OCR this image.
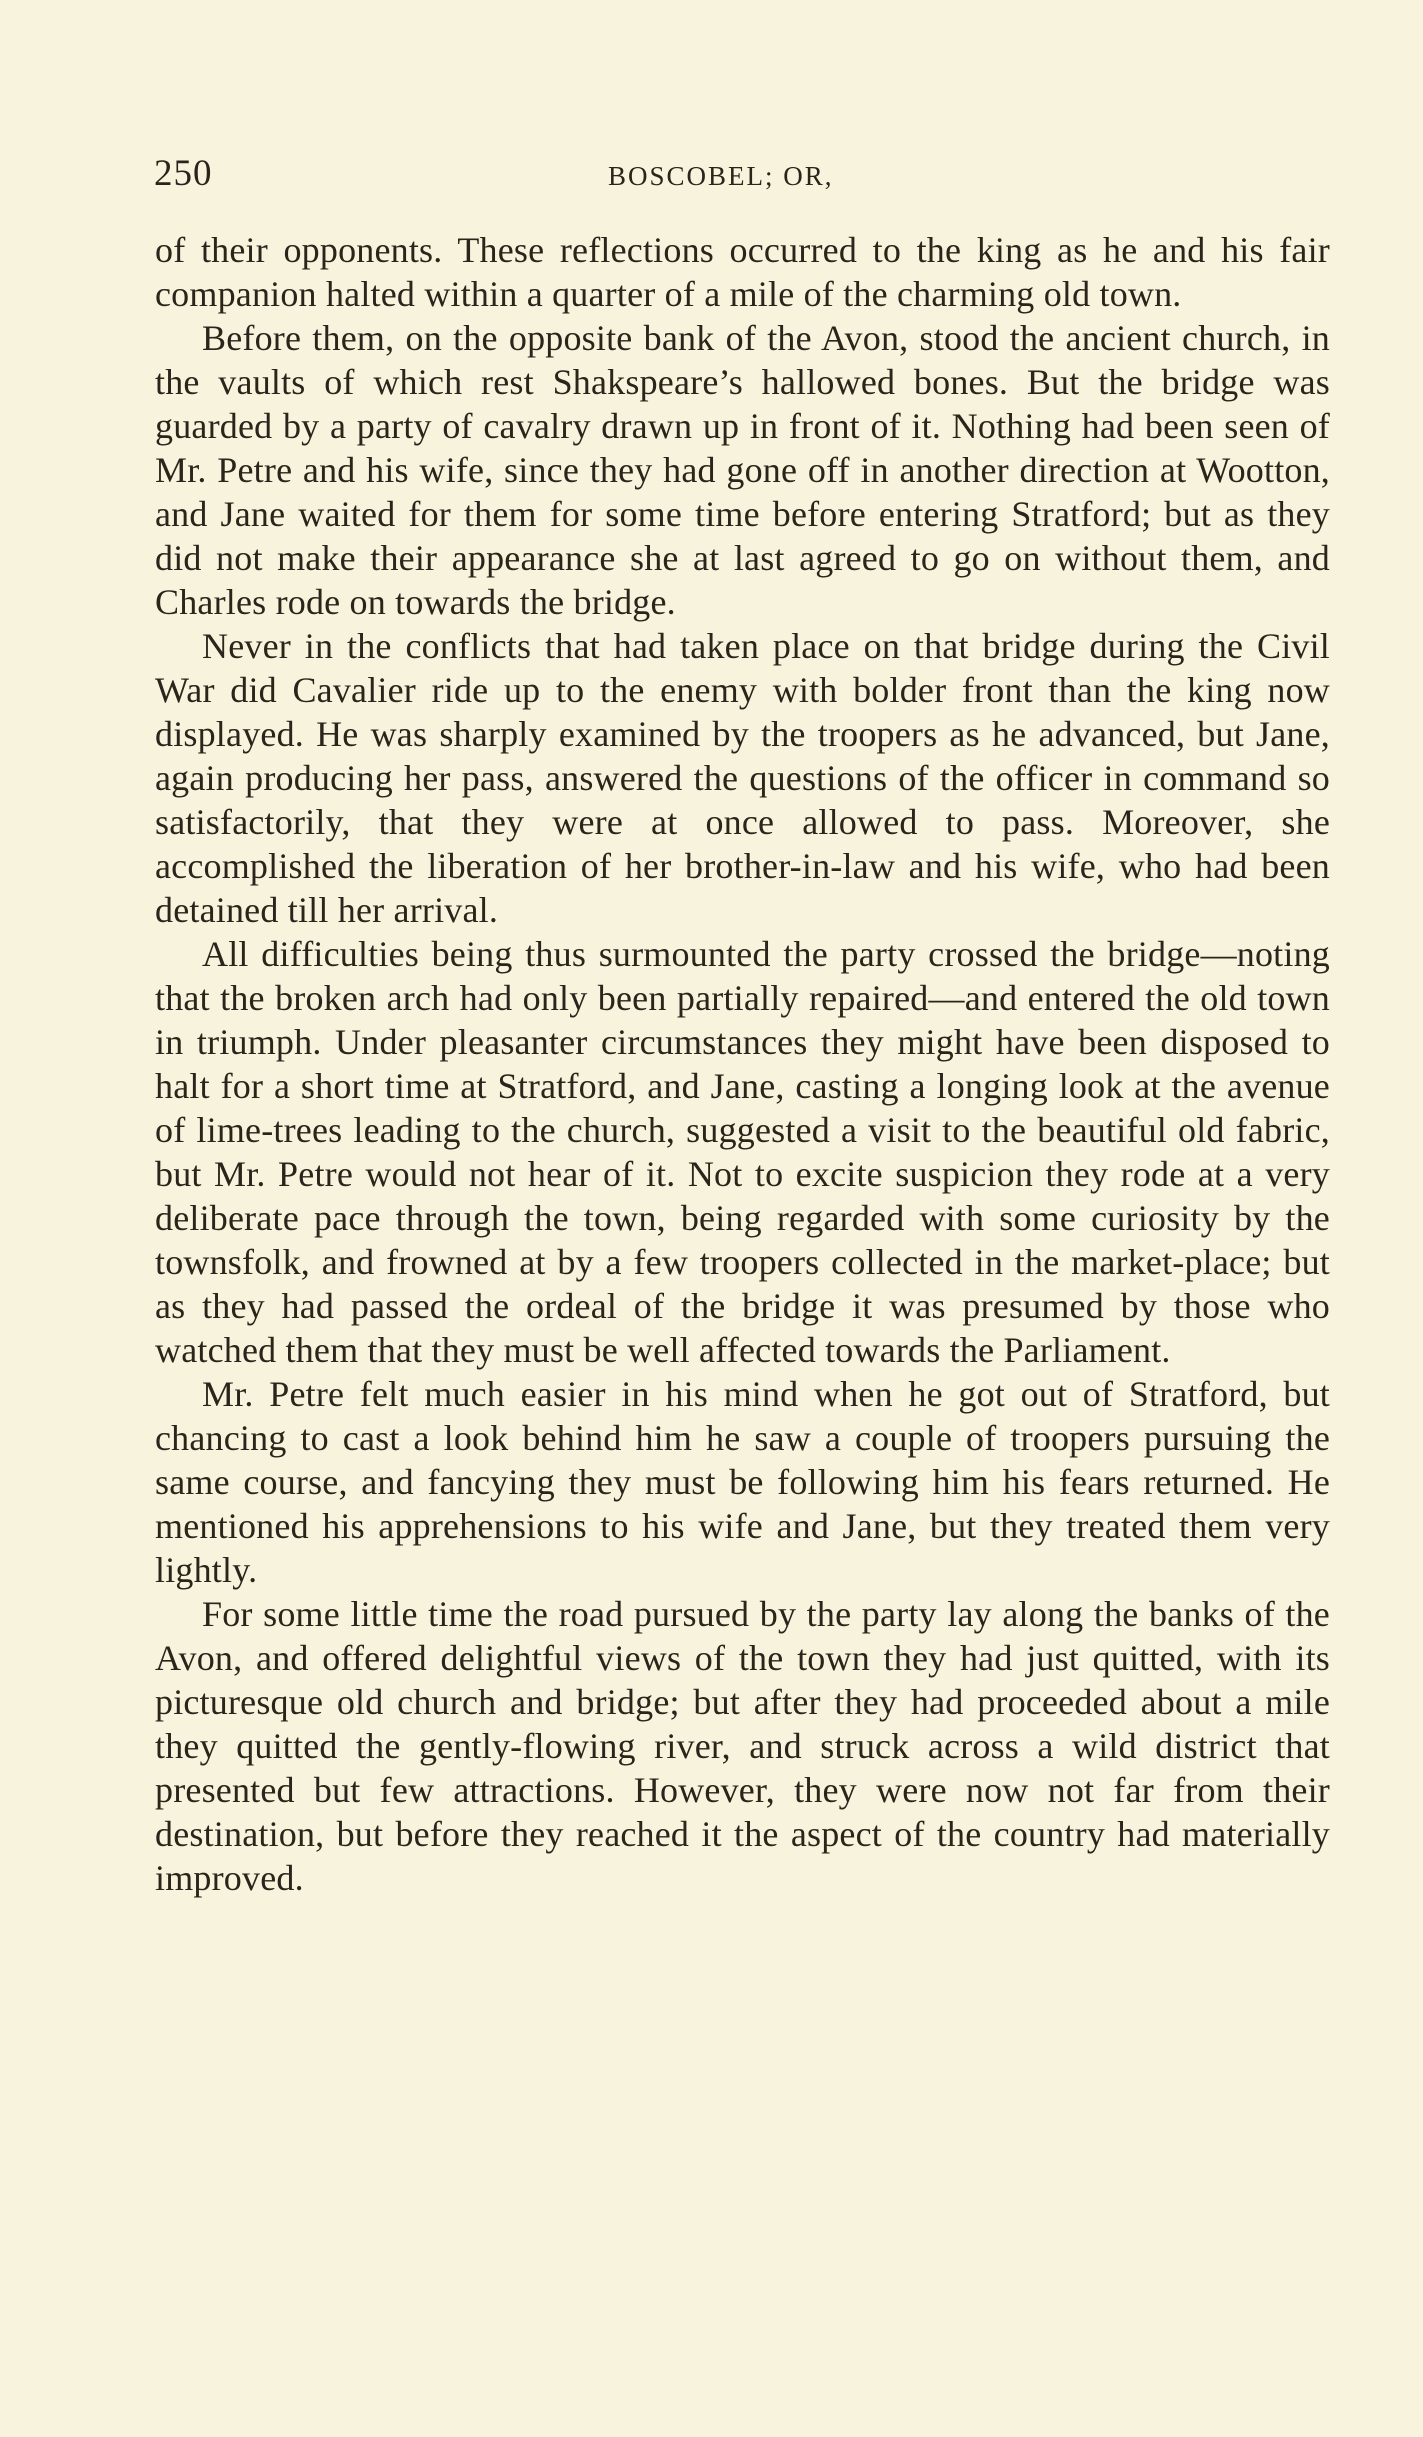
250	BOSCOBEL; OR,

of their opponents. These reflections occurred to the king as he and his fair companion halted within a quarter of a mile of the charming old town.

Before them, on the opposite bank of the Avon, stood the ancient church, in the vaults of which rest Shakspeare’s hallowed bones. But the bridge was guarded by a party of cavalry drawn up in front of it. Nothing had been seen of Mr. Petre and his wife, since they had gone off in another direction at Wootton, and Jane waited for them for some time before entering Stratford; but as they did not make their appearance she at last agreed to go on without them, and Charles rode on towards the bridge.

Never in the conflicts that had taken place on that bridge during the Civil War did Cavalier ride up to the enemy with bolder front than the king now displayed. He was sharply examined by the troopers as he advanced, but Jane, again producing her pass, answered the questions of the officer in command so satisfactorily, that they were at once allowed to pass. Moreover, she accomplished the liberation of her brother-in-law and his wife, who had been detained till her arrival.

All difficulties being thus surmounted the party crossed the bridge—noting that the broken arch had only been partially repaired—and entered the old town in triumph. Under pleasanter circumstances they might have been disposed to halt for a short time at Stratford, and Jane, casting a longing look at the avenue of lime-trees leading to the church, suggested a visit to the beautiful old fabric, but Mr. Petre would not hear of it. Not to excite suspicion they rode at a very deliberate pace through the town, being regarded with some curiosity by the townsfolk, and frowned at by a few troopers collected in the market-place; but as they had passed the ordeal of the bridge it was presumed by those who watched them that they must be well affected towards the Parliament.

Mr. Petre felt much easier in his mind when he got out of Stratford, but chancing to cast a look behind him he saw a couple of troopers pursuing the same course, and fancying they must be following him his fears returned. He mentioned his apprehensions to his wife and Jane, but they treated them very lightly.

For some little time the road pursued by the party lay along the banks of the Avon, and offered delightful views of the town they had just quitted, with its picturesque old church and bridge; but after they had proceeded about a mile they quitted the gently-flowing river, and struck across a wild district that presented but few attractions. However, they were now not far from their destination, but before they reached it the aspect of the country had materially improved.
